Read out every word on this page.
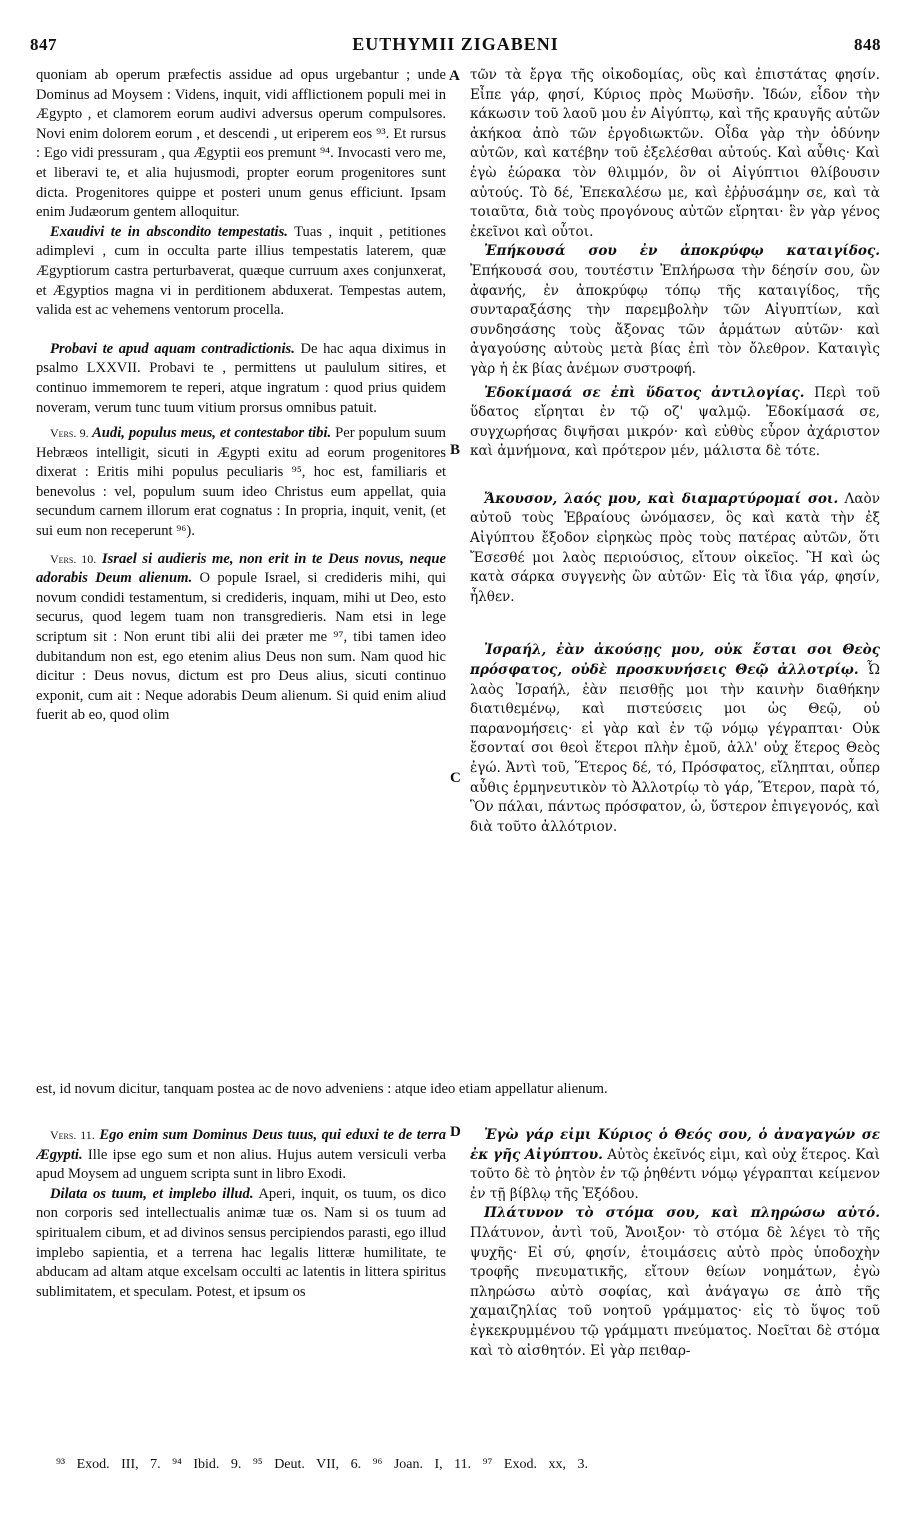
847	EUTHYMII ZIGABENI	848
A
B
C
D

quoniam ab operum præfectis assidue ad opus urgebantur ; unde Dominus ad Moysem : Videns, inquit, vidi afflictionem populi mei in Ægypto , et clamorem eorum audivi adversus operum compulsores. Novi enim dolorem eorum , et descendi , ut eriperem eos ⁹³. Et rursus : Ego vidi pressuram , qua Ægyptii eos premunt ⁹⁴. Invocasti vero me, et liberavi te, et alia hujusmodi, propter eorum progenitores sunt dicta. Progenitores quippe et posteri unum genus efficiunt. Ipsam enim Judæorum gentem alloquitur.

Exaudivi te in abscondito tempestatis. Tuas , inquit , petitiones adimplevi , cum in occulta parte illius tempestatis laterem, quæ Ægyptiorum castra perturbaverat, quæque curruum axes conjunxerat, et Ægyptios magna vi in perditionem abduxerat. Tempestas autem, valida est ac vehemens ventorum procella.

Probavi te apud aquam contradictionis. De hac aqua diximus in psalmo LXXVII. Probavi te , permittens ut paululum sitires, et continuo immemorem te reperi, atque ingratum : quod prius quidem noveram, verum tunc tuum vitium prorsus omnibus patuit.

Vers. 9. Audi, populus meus, et contestabor tibi. Per populum suum Hebræos intelligit, sicuti in Ægypti exitu ad eorum progenitores dixerat : Eritis mihi populus peculiaris ⁹⁵, hoc est, familiaris et benevolus : vel, populum suum ideo Christus eum appellat, quia secundum carnem illorum erat cognatus : In propria, inquit, venit, (et sui eum non receperunt ⁹⁶).

Vers. 10. Israel si audieris me, non erit in te Deus novus, neque adorabis Deum alienum. O popule Israel, si credideris mihi, qui novum condidi testamentum, si credideris, inquam, mihi ut Deo, esto securus, quod legem tuam non transgredieris. Nam etsi in lege scriptum sit : Non erunt tibi alii dei præter me ⁹⁷, tibi tamen ideo dubitandum non est, ego etenim alius Deus non sum. Nam quod hic dicitur : Deus novus, dictum est pro Deus alius, sicuti continuo exponit, cum ait : Neque adorabis Deum alienum. Si quid enim aliud fuerit ab eo, quod olim

τῶν τὰ ἔργα τῆς οἰκοδομίας, οὓς καὶ ἐπιστάτας φησίν. Εἶπε γάρ, φησί, Κύριος πρὸς Μωϋσῆν. Ἰδών, εἶδον τὴν κάκωσιν τοῦ λαοῦ μου ἐν Αἰγύπτῳ, καὶ τῆς κραυγῆς αὐτῶν ἀκήκοα ἀπὸ τῶν ἐργοδιωκτῶν. Οἶδα γὰρ τὴν ὀδύνην αὐτῶν, καὶ κατέβην τοῦ ἐξελέσθαι αὐτούς. Καὶ αὖθις· Καὶ ἐγὼ ἑώρακα τὸν θλιμμόν, ὃν οἱ Αἰγύπτιοι θλίβουσιν αὐτούς. Τὸ δέ, Ἐπεκαλέσω με, καὶ ἐῤῥυσάμην σε, καὶ τὰ τοιαῦτα, διὰ τοὺς προγόνους αὐτῶν εἴρηται· ἓν γὰρ γένος ἐκεῖνοι καὶ οὗτοι.

Ἐπήκουσά σου ἐν ἀποκρύφῳ καταιγίδος. Ἐπήκουσά σου, τουτέστιν Ἐπλήρωσα τὴν δέησίν σου, ὢν ἀφανής, ἐν ἀποκρύφῳ τόπῳ τῆς καταιγίδος, τῆς συνταραξάσης τὴν παρεμβολὴν τῶν Αἰγυπτίων, καὶ συνδησάσης τοὺς ἄξονας τῶν ἁρμάτων αὐτῶν· καὶ ἀγαγούσης αὐτοὺς μετὰ βίας ἐπὶ τὸν ὄλεθρον. Καταιγὶς γὰρ ἡ ἐκ βίας ἀνέμων συστροφή.

Ἐδοκίμασά σε ἐπὶ ὕδατος ἀντιλογίας. Περὶ τοῦ ὕδατος εἴρηται ἐν τῷ οζ' ψαλμῷ. Ἐδοκίμασά σε, συγχωρήσας διψῆσαι μικρόν· καὶ εὐθὺς εὗρον ἀχάριστον καὶ ἀμνήμονα, καὶ πρότερον μέν, μάλιστα δὲ τότε.

Ἄκουσον, λαός μου, καὶ διαμαρτύρομαί σοι. Λαὸν αὐτοῦ τοὺς Ἑβραίους ὠνόμασεν, ὃς καὶ κατὰ τὴν ἐξ Αἰγύπτου ἔξοδον εἰρηκὼς πρὸς τοὺς πατέρας αὐτῶν, ὅτι Ἔσεσθέ μοι λαὸς περιούσιος, εἴτουν οἰκεῖος. Ἢ καὶ ὡς κατὰ σάρκα συγγενὴς ὢν αὐτῶν· Εἰς τὰ ἴδια γάρ, φησίν, ἦλθεν.

Ἰσραήλ, ἐὰν ἀκούσῃς μου, οὐκ ἔσται σοι Θεὸς πρόσφατος, οὐδὲ προσκυνήσεις Θεῷ ἀλλοτρίῳ. Ὦ λαὸς Ἰσραήλ, ἐὰν πεισθῇς μοι τὴν καινὴν διαθήκην διατιθεμένῳ, καὶ πιστεύσεις μοι ὡς Θεῷ, οὐ παρανομήσεις· εἰ γὰρ καὶ ἐν τῷ νόμῳ γέγραπται· Οὐκ ἔσονταί σοι θεοὶ ἕτεροι πλὴν ἐμοῦ, ἀλλ' οὐχ ἕτερος Θεὸς ἐγώ. Ἀντὶ τοῦ, Ἕτερος δέ, τό, Πρόσφατος, εἴληπται, οὗπερ αὖθις ἑρμηνευτικὸν τὸ Ἀλλοτρίῳ τὸ γάρ, Ἕτερον, παρὰ τό, Ὃν πάλαι, πάντως πρόσφατον, ὡ, ὕστερον ἐπιγεγονός, καὶ διὰ τοῦτο ἀλλότριον.

est, id novum dicitur, tanquam postea ac de novo adveniens : atque ideo etiam appellatur alienum.

Vers. 11. Ego enim sum Dominus Deus tuus, qui eduxi te de terra Ægypti. Ille ipse ego sum et non alius. Hujus autem versiculi verba apud Moysem ad unguem scripta sunt in libro Exodi.

Dilata os tuum, et implebo illud. Aperi, inquit, os tuum, os dico non corporis sed intellectualis animæ tuæ os. Nam si os tuum ad spiritualem cibum, et ad divinos sensus percipiendos parasti, ego illud implebo sapientia, et a terrena hac legalis litteræ humilitate, te abducam ad altam atque excelsam occulti ac latentis in littera spiritus sublimitatem, et speculam. Potest, et ipsum os

Ἐγὼ γάρ εἰμι Κύριος ὁ Θεός σου, ὁ ἀναγαγών σε ἐκ γῆς Αἰγύπτου. Αὐτὸς ἐκεῖνός εἰμι, καὶ οὐχ ἕτερος. Καὶ τοῦτο δὲ τὸ ῥητὸν ἐν τῷ ῥηθέντι νόμῳ γέγραπται κείμενον ἐν τῇ βίβλῳ τῆς Ἐξόδου.

Πλάτυνον τὸ στόμα σου, καὶ πληρώσω αὐτό. Πλάτυνον, ἀντὶ τοῦ, Ἄνοιξον· τὸ στόμα δὲ λέγει τὸ τῆς ψυχῆς· Εἰ σύ, φησίν, ἑτοιμάσεις αὐτὸ πρὸς ὑποδοχὴν τροφῆς πνευματικῆς, εἴτουν θείων νοημάτων, ἐγὼ πληρώσω αὐτὸ σοφίας, καὶ ἀνάγαγω σε ἀπὸ τῆς χαμαιζηλίας τοῦ νοητοῦ γράμματος· εἰς τὸ ὕψος τοῦ ἐγκεκρυμμένου τῷ γράμματι πνεύματος. Νοεῖται δὲ στόμα καὶ τὸ αἰσθητόν. Εἰ γὰρ πειθαρ-

⁹³ Exod. III, 7. ⁹⁴ Ibid. 9. ⁹⁵ Deut. VII, 6. ⁹⁶ Joan. I, 11. ⁹⁷ Exod. xx, 3.
